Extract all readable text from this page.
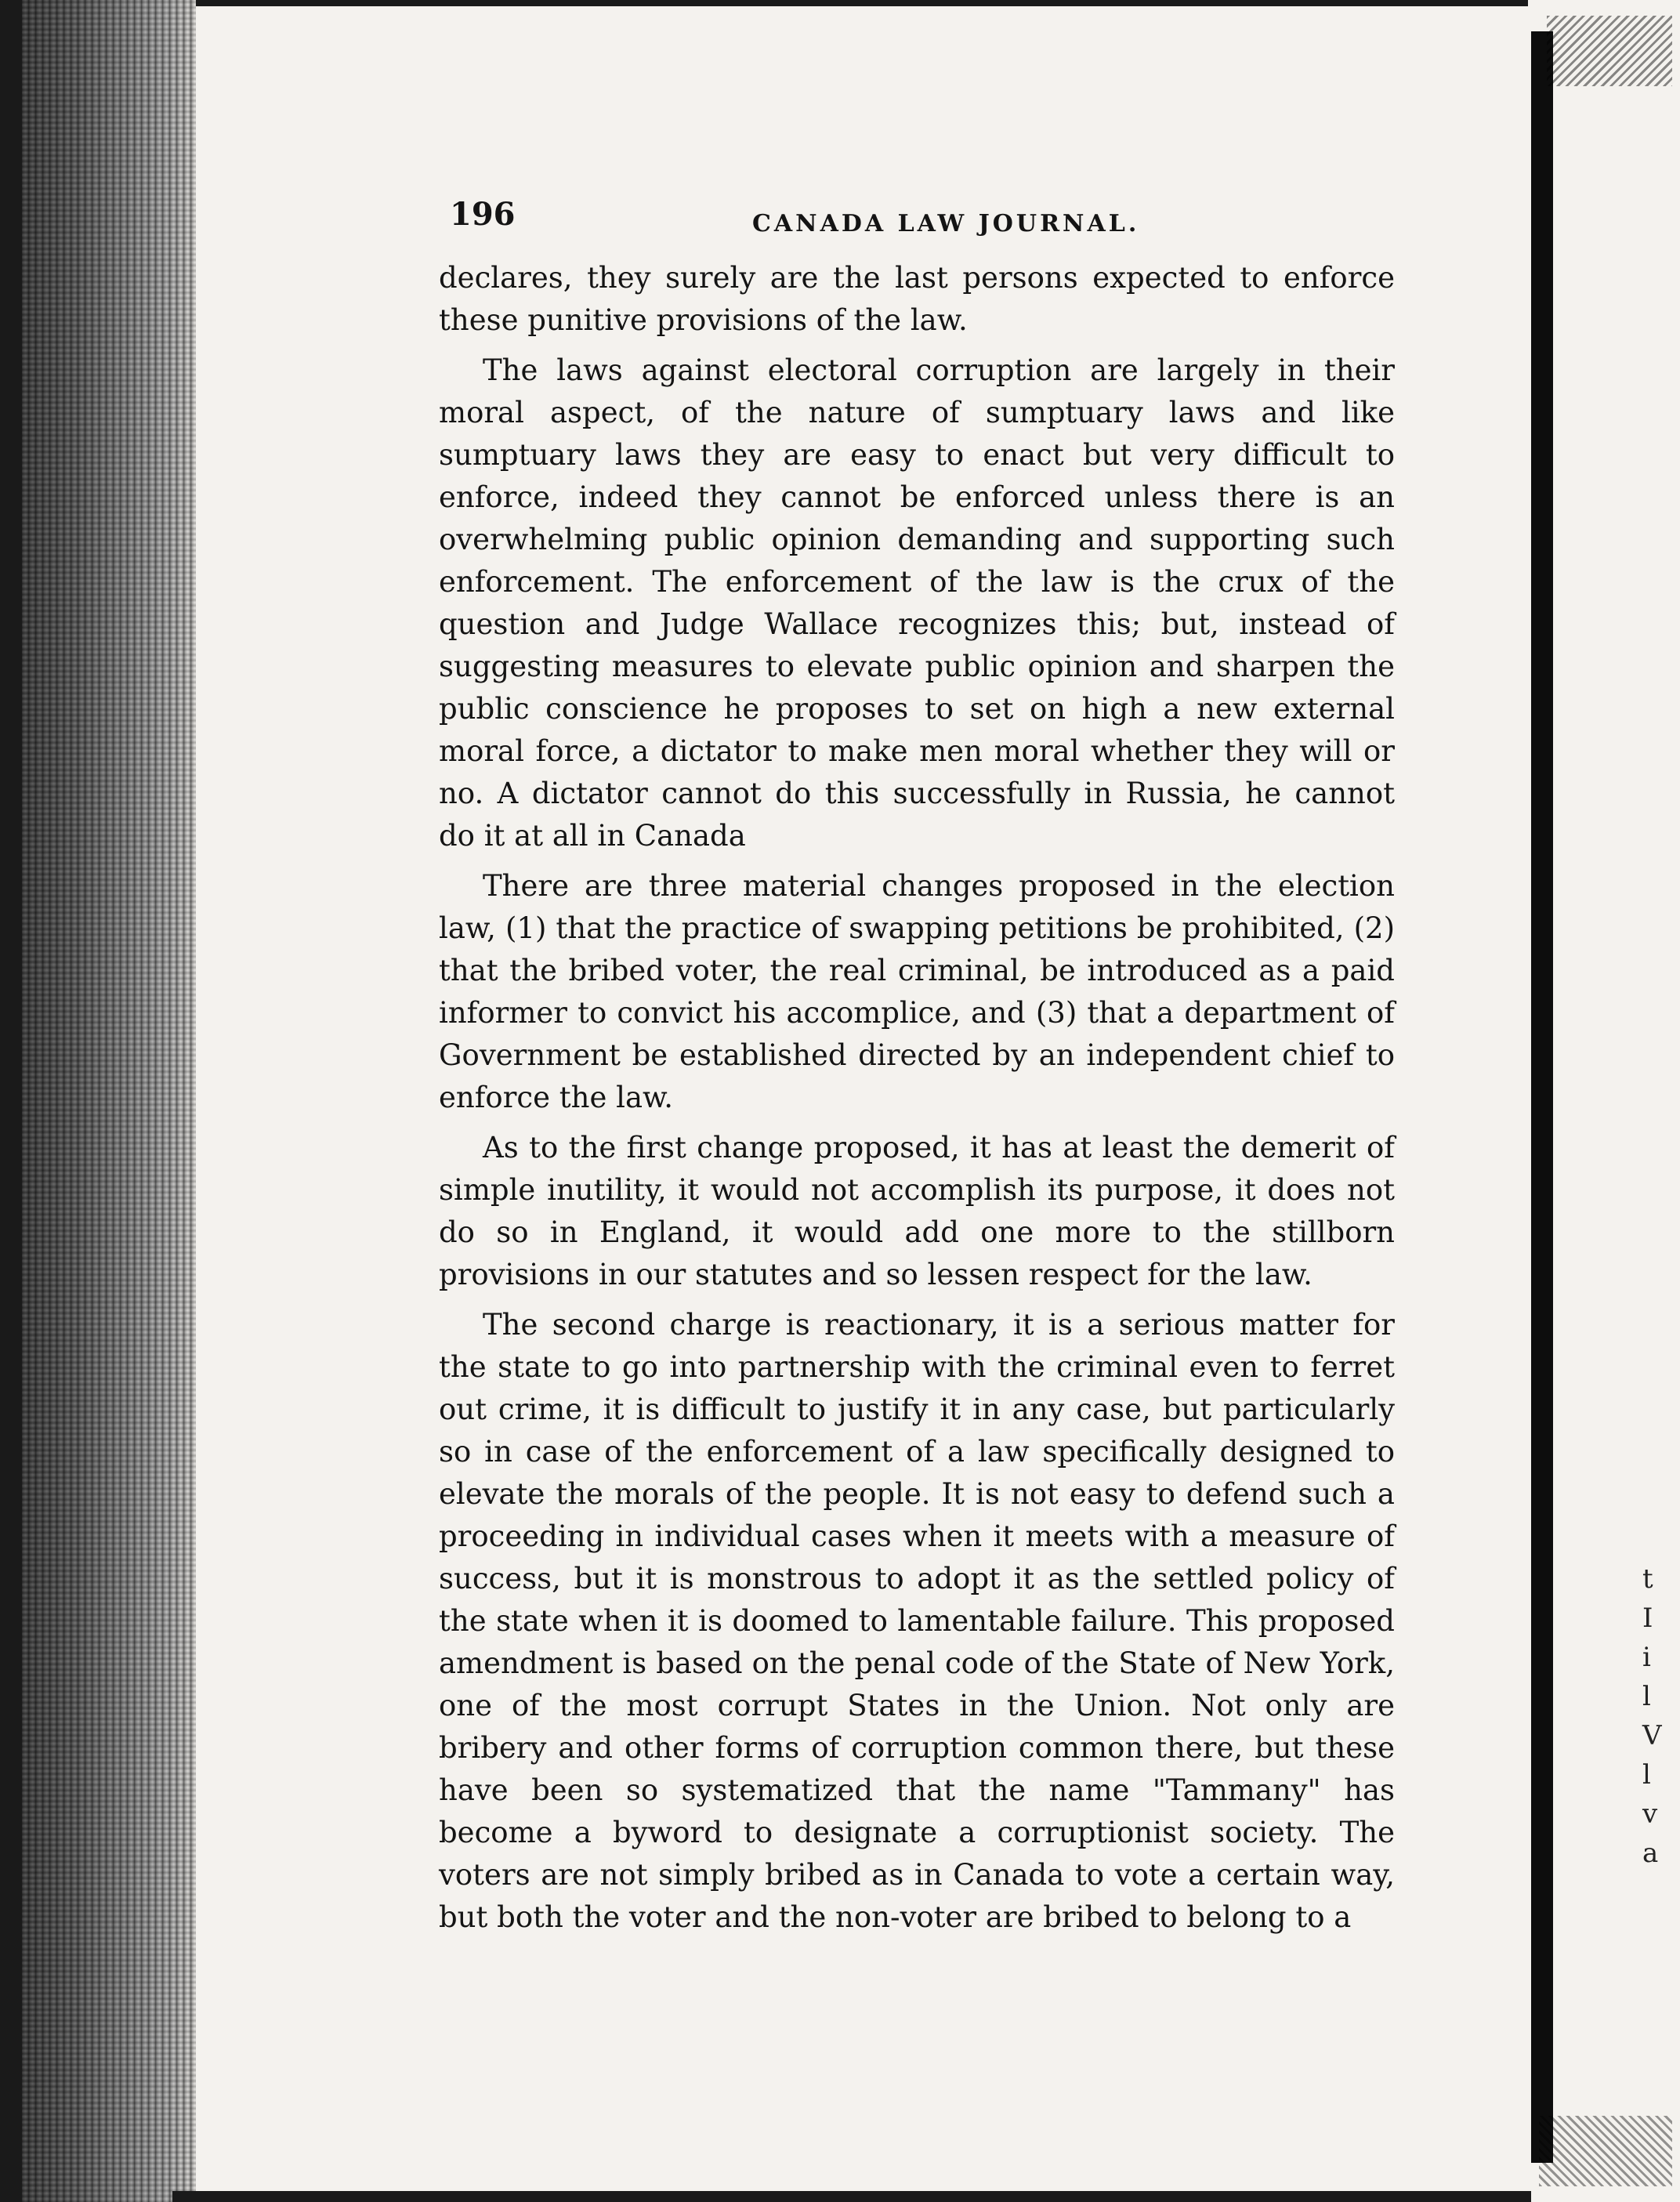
t
I
i
l
V
l
v
a
196	CANADA LAW JOURNAL.

declares, they surely are the last persons expected to enforce these punitive provisions of the law.

The laws against electoral corruption are largely in their moral aspect, of the nature of sumptuary laws and like sumptuary laws they are easy to enact but very difficult to enforce, indeed they cannot be enforced unless there is an overwhelming public opinion demanding and supporting such enforcement. The enforcement of the law is the crux of the question and Judge Wallace recognizes this; but, instead of suggesting measures to elevate public opinion and sharpen the public conscience he proposes to set on high a new external moral force, a dictator to make men moral whether they will or no. A dictator cannot do this successfully in Russia, he cannot do it at all in Canada

There are three material changes proposed in the election law, (1) that the practice of swapping petitions be prohibited, (2) that the bribed voter, the real criminal, be introduced as a paid informer to convict his accomplice, and (3) that a department of Government be established directed by an independent chief to enforce the law.

As to the first change proposed, it has at least the demerit of simple inutility, it would not accomplish its purpose, it does not do so in England, it would add one more to the stillborn provisions in our statutes and so lessen respect for the law.

The second charge is reactionary, it is a serious matter for the state to go into partnership with the criminal even to ferret out crime, it is difficult to justify it in any case, but particularly so in case of the enforcement of a law specifically designed to elevate the morals of the people. It is not easy to defend such a proceeding in individual cases when it meets with a measure of success, but it is monstrous to adopt it as the settled policy of the state when it is doomed to lamentable failure. This proposed amendment is based on the penal code of the State of New York, one of the most corrupt States in the Union. Not only are bribery and other forms of corruption common there, but these have been so systematized that the name "Tammany" has become a byword to designate a corruptionist society. The voters are not simply bribed as in Canada to vote a certain way, but both the voter and the non-voter are bribed to belong to a
